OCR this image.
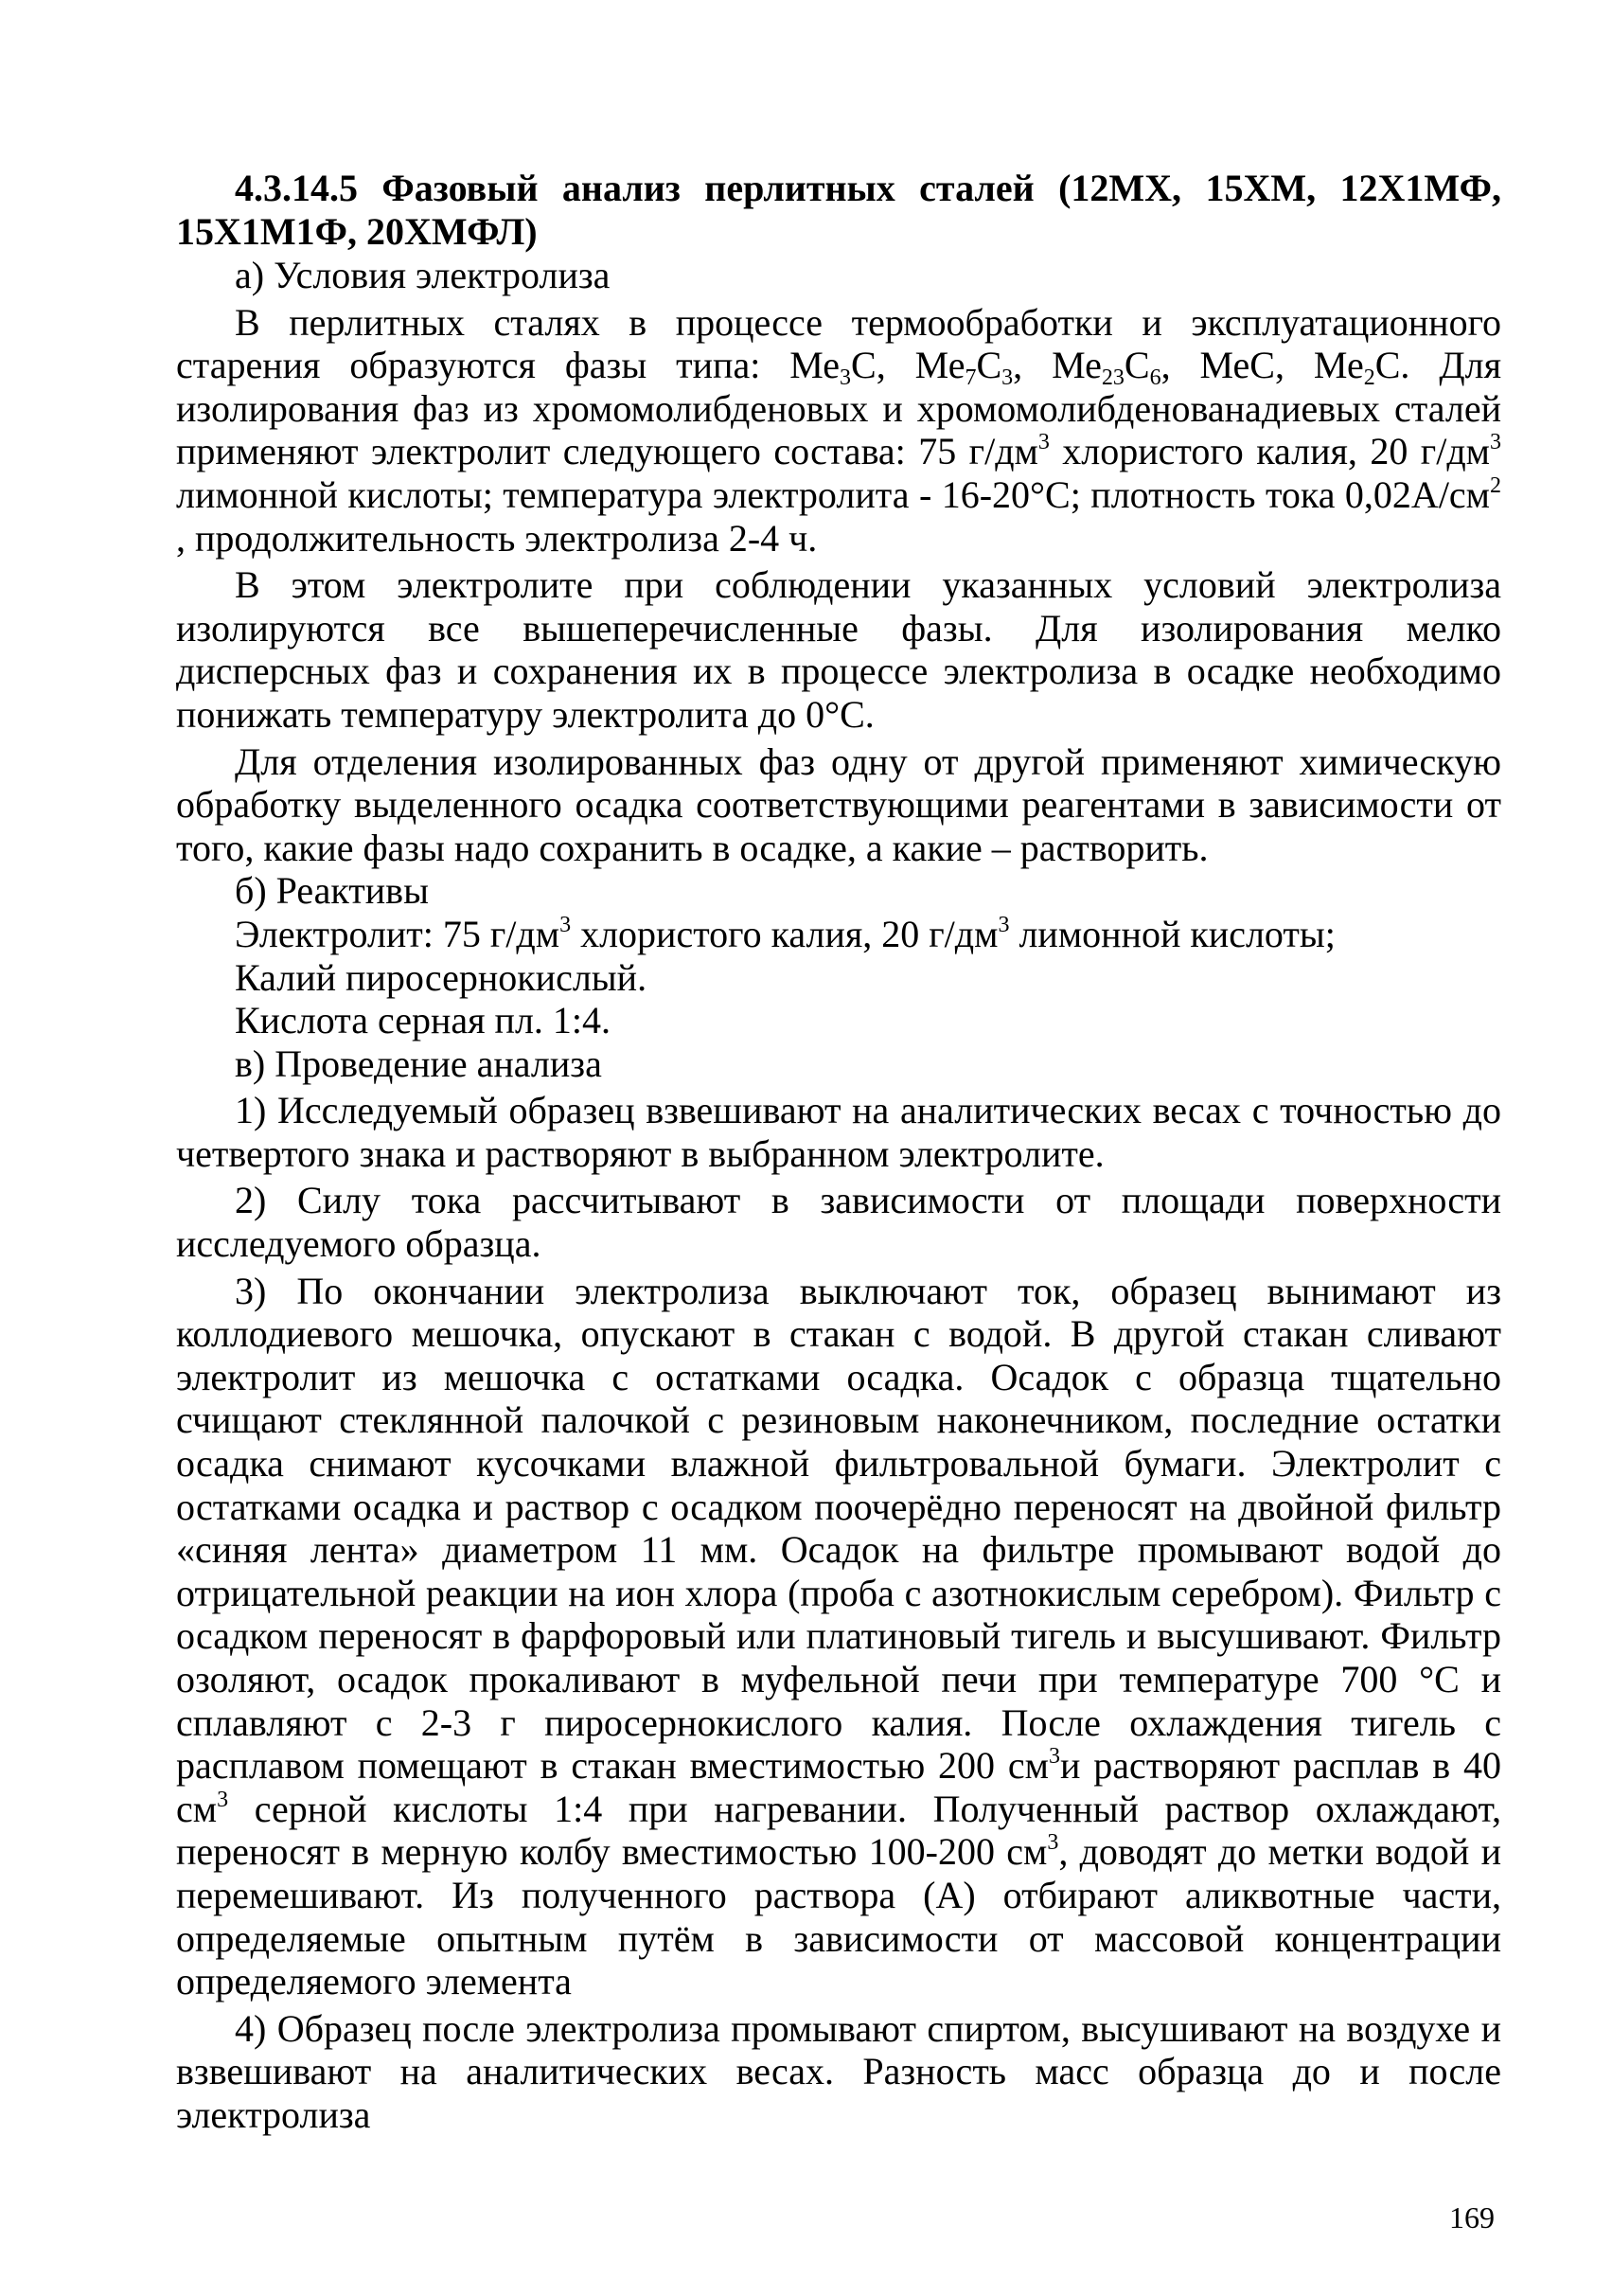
4.3.14.5 Фазовый анализ перлитных сталей (12МХ, 15ХМ, 12Х1МФ, 15Х1М1Ф, 20ХМФЛ)

а) Условия электролиза

В перлитных сталях в процессе термообработки и эксплуатационного старения образуются фазы типа: $Ме_3С$, $Ме_7С_3$, $Ме_{23}С_6$, МеС, $Ме_2С$. Для изолирования фаз из хромомолибденовых и хромомолибденованадиевых сталей применяют электролит следующего состава: 75 $г/дм^3$ хлористого калия, 20 $г/дм^3$ лимонной кислоты; температура электролита - 16-20°С; плотность тока $0,02А/см^2$ , продолжительность электролиза 2-4 ч.

В этом электролите при соблюдении указанных условий электролиза изолируются все вышеперечисленные фазы. Для изолирования мелко дисперсных фаз и сохранения их в процессе электролиза в осадке необходимо понижать температуру электролита до 0°С.

Для отделения изолированных фаз одну от другой применяют химическую обработку выделенного осадка соответствующими реагентами в зависимости от того, какие фазы надо сохранить в осадке, а какие – растворить.

б) Реактивы

Электролит: 75 $г/дм^3$ хлористого калия, 20 $г/дм^3$ лимонной кислоты;

Калий пиросернокислый.

Кислота серная пл. 1:4.

в) Проведение анализа

1) Исследуемый образец взвешивают на аналитических весах с точностью до четвертого знака и растворяют в выбранном электролите.

2) Силу тока рассчитывают в зависимости от площади поверхности исследуемого образца.

3) По окончании электролиза выключают ток, образец вынимают из коллодиевого мешочка, опускают в стакан с водой. В другой стакан сливают электролит из мешочка с остатками осадка. Осадок с образца тщательно счищают стеклянной палочкой с резиновым наконечником, последние остатки осадка снимают кусочками влажной фильтровальной бумаги. Электролит с остатками осадка и раствор с осадком поочерёдно переносят на двойной фильтр «синяя лента» диаметром 11 мм. Осадок на фильтре промывают водой до отрицательной реакции на ион хлора (проба с азотнокислым серебром). Фильтр с осадком переносят в фарфоровый или платиновый тигель и высушивают. Фильтр озоляют, осадок прокаливают в муфельной печи при температуре 700 °С и сплавляют с 2-3 г пиросернокислого калия. После охлаждения тигель с расплавом помещают в стакан вместимостью 200 $см^3и$ растворяют расплав в 40 $см^3$ серной кислоты 1:4 при нагревании. Полученный раствор охлаждают, переносят в мерную колбу вместимостью 100-200 $см^3$, доводят до метки водой и перемешивают. Из полученного раствора (А) отбирают аликвотные части, определяемые опытным путём в зависимости от массовой концентрации определяемого элемента

4) Образец после электролиза промывают спиртом, высушивают на воздухе и взвешивают на аналитических весах. Разность масс образца до и после электролиза

169
